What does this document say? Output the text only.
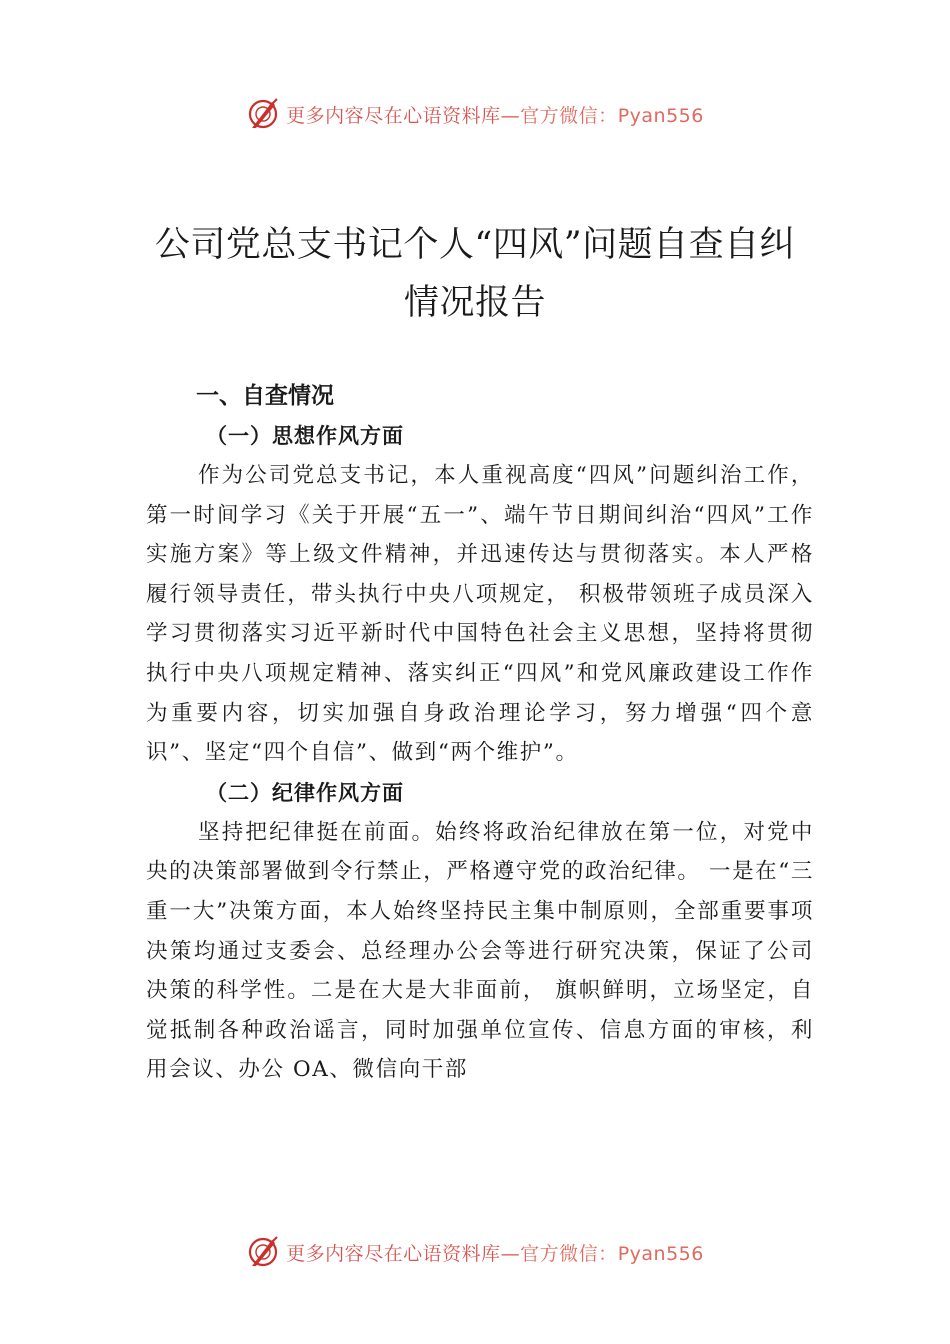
更多内容尽在心语资料库—官方微信：Pyan556
公司党总支书记个人“四风”问题自查自纠情况报告
一、自查情况
（一）思想作风方面

作为公司党总支书记，本人重视高度“四风”问题纠治工作，第一时间学习《关于开展“五一”、端午节日期间纠治“四风”工作实施方案》等上级文件精神，并迅速传达与贯彻落实。本人严格履行领导责任，带头执行中央八项规定， 积极带领班子成员深入学习贯彻落实习近平新时代中国特色社会主义思想，坚持将贯彻执行中央八项规定精神、落实纠正“四风”和党风廉政建设工作作为重要内容，切实加强自身政治理论学习，努力增强“四个意识”、坚定“四个自信”、做到“两个维护”。

（二）纪律作风方面

坚持把纪律挺在前面。始终将政治纪律放在第一位，对党中央的决策部署做到令行禁止，严格遵守党的政治纪律。 一是在“三重一大”决策方面，本人始终坚持民主集中制原则，全部重要事项决策均通过支委会、总经理办公会等进行研究决策，保证了公司决策的科学性。二是在大是大非面前， 旗帜鲜明，立场坚定，自觉抵制各种政治谣言，同时加强单位宣传、信息方面的审核，利用会议、办公 OA、微信向干部

更多内容尽在心语资料库—官方微信：Pyan556
